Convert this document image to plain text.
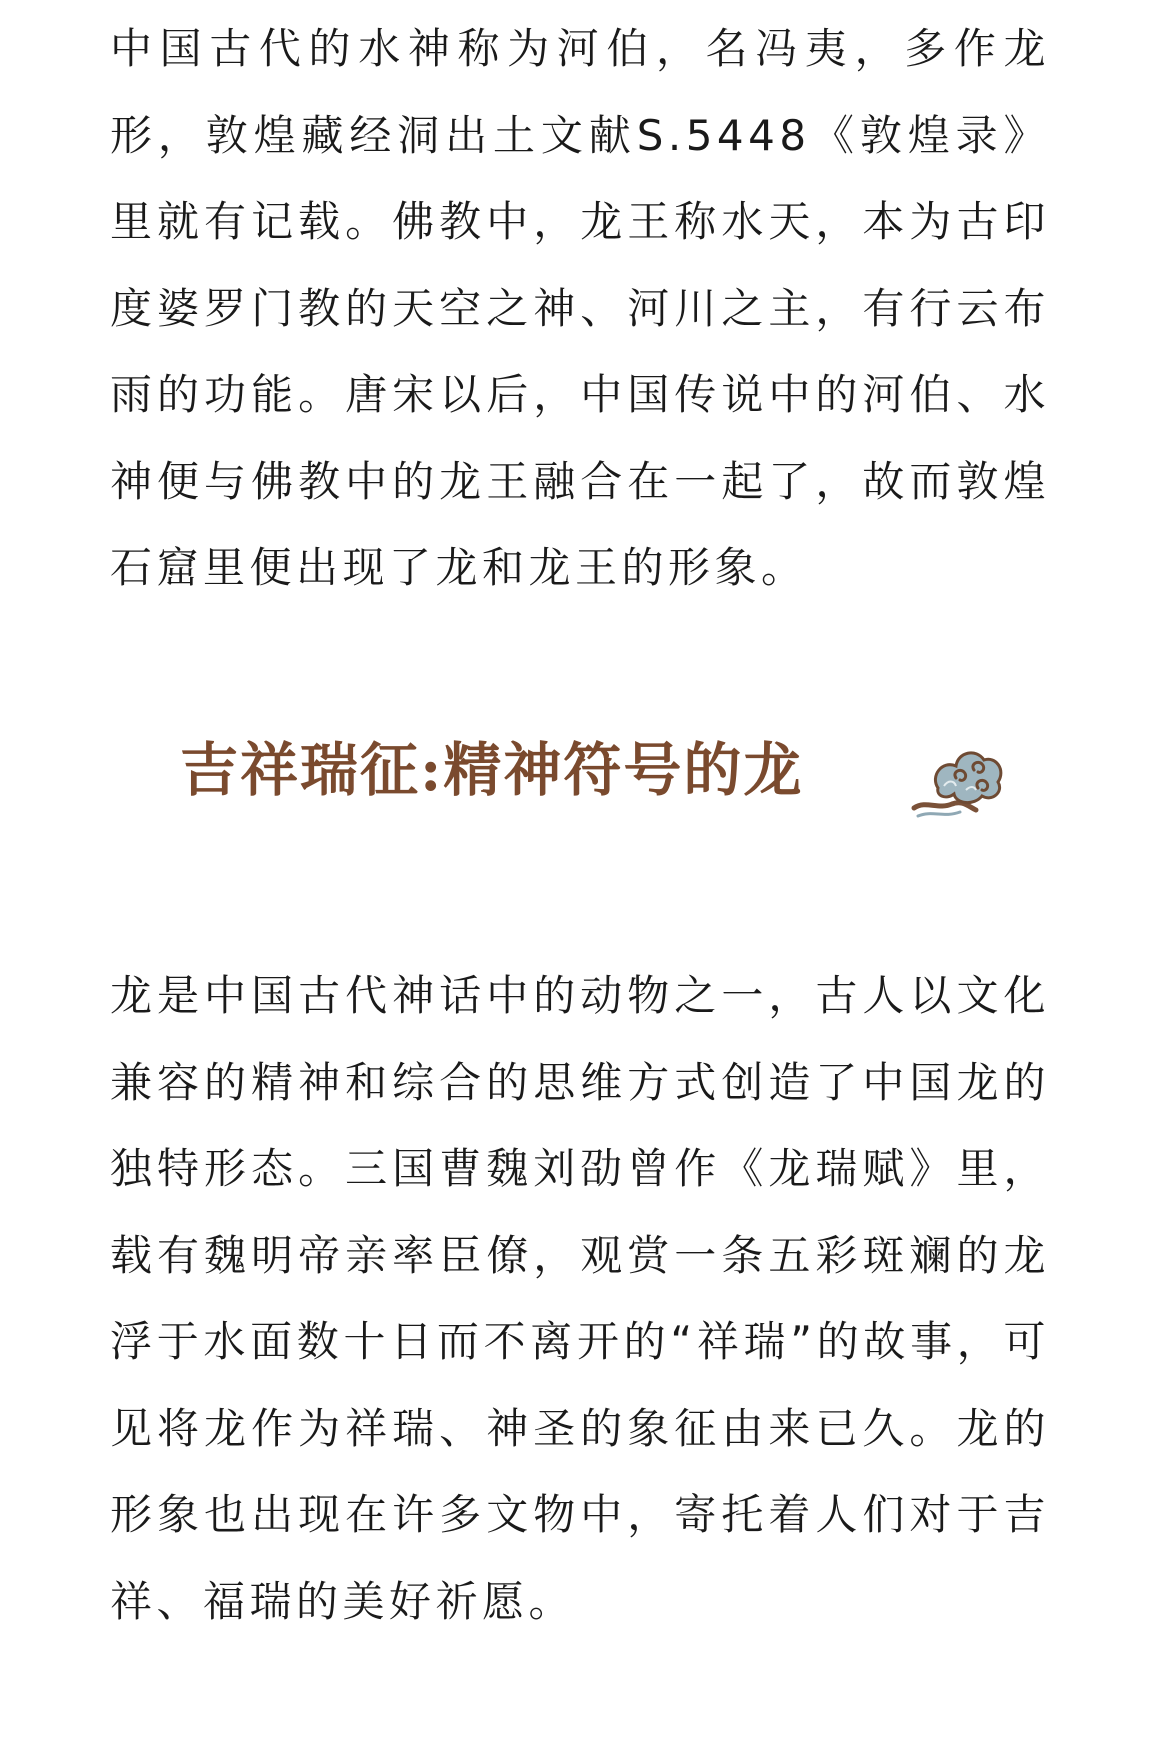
中国古代的水神称为河伯，名冯夷，多作龙形，敦煌藏经洞出土文献S.5448《敦煌录》里就有记载。佛教中，龙王称水天，本为古印度婆罗门教的天空之神、河川之主，有行云布雨的功能。唐宋以后，中国传说中的河伯、水神便与佛教中的龙王融合在一起了，故而敦煌石窟里便出现了龙和龙王的形象。

吉祥瑞征:精神符号的龙

龙是中国古代神话中的动物之一，古人以文化兼容的精神和综合的思维方式创造了中国龙的独特形态。三国曹魏刘劭曾作《龙瑞赋》里，载有魏明帝亲率臣僚，观赏一条五彩斑斓的龙浮于水面数十日而不离开的“祥瑞”的故事，可见将龙作为祥瑞、神圣的象征由来已久。龙的形象也出现在许多文物中，寄托着人们对于吉祥、福瑞的美好祈愿。
